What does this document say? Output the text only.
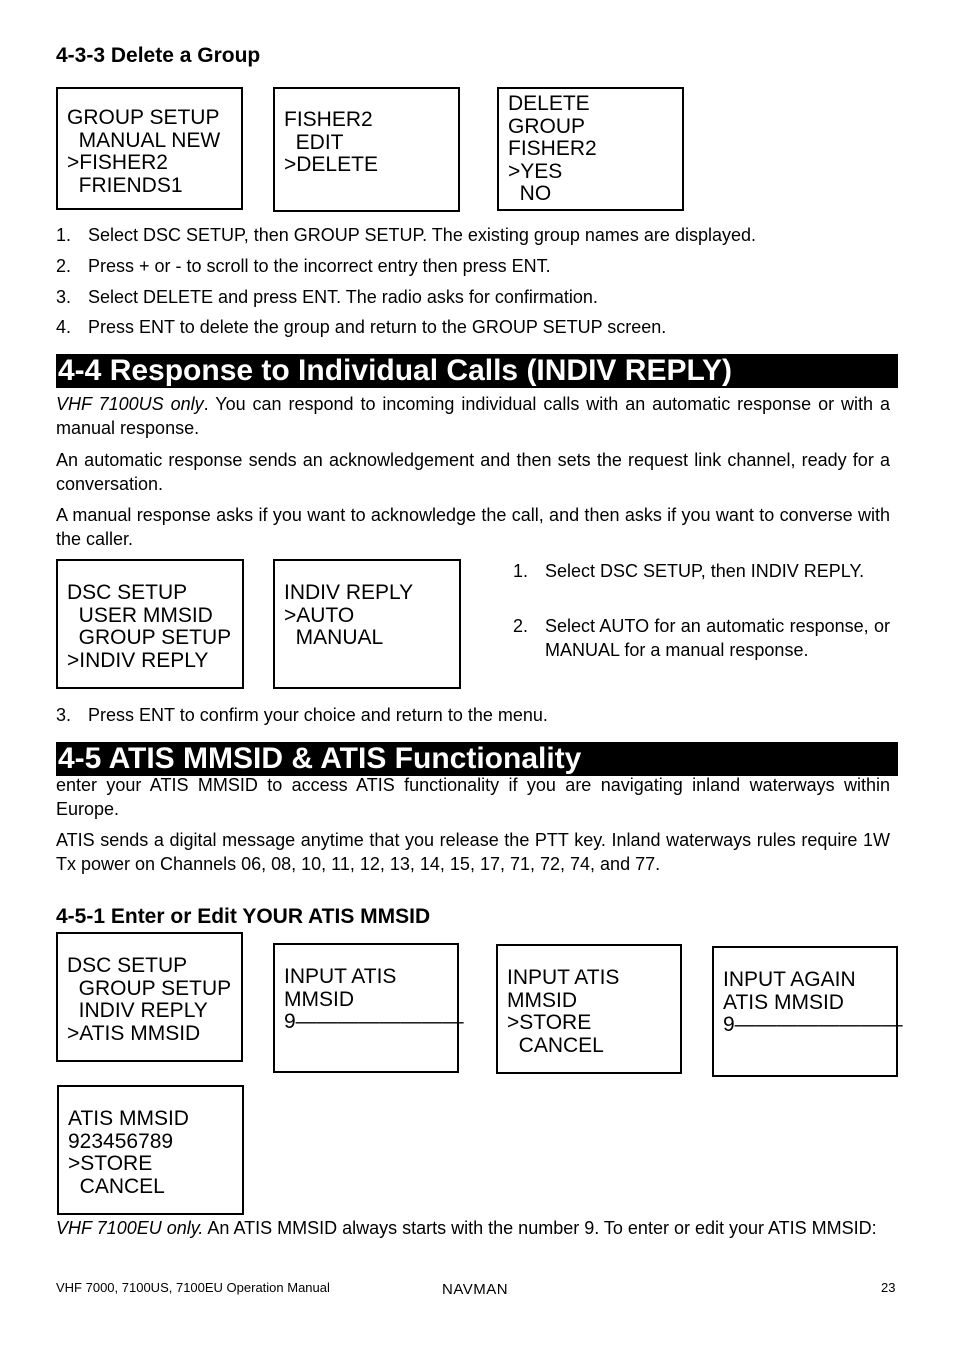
4-3-3 Delete a Group
GROUP SETUP
MANUAL NEW
>FISHER2
FRIENDS1
FISHER2
EDIT
>DELETE
DELETE
GROUP
FISHER2
>YES
NO
1. Select DSC SETUP, then GROUP SETUP. The existing group names are displayed.
2. Press + or - to scroll to the incorrect entry then press ENT.
3. Select DELETE and press ENT. The radio asks for confirmation.
4. Press ENT to delete the group and return to the GROUP SETUP screen.
4-4 Response to Individual Calls (INDIV REPLY)
VHF 7100US only. You can respond to incoming individual calls with an automatic response or with a manual response.
An automatic response sends an acknowledgement and then sets the request link channel, ready for a conversation.
A manual response asks if you want to acknowledge the call, and then asks if you want to converse with the caller.
DSC SETUP
USER MMSID
GROUP SETUP
>INDIV REPLY
INDIV REPLY
>AUTO
MANUAL
1. Select DSC SETUP, then INDIV REPLY.
2. Select AUTO for an automatic response, or MANUAL for a manual response.
3. Press ENT to confirm your choice and return to the menu.
4-5 ATIS MMSID & ATIS Functionality
enter your ATIS MMSID to access ATIS functionality if you are navigating inland waterways within Europe.
ATIS sends a digital message anytime that you release the PTT key. Inland waterways rules require 1W Tx power on Channels 06, 08, 10, 11, 12, 13, 14, 15, 17, 71, 72, 74, and 77.
4-5-1 Enter or Edit YOUR ATIS MMSID
DSC SETUP
GROUP SETUP
INDIV REPLY
>ATIS MMSID
INPUT ATIS
MMSID
9————————
INPUT ATIS
MMSID
>STORE
CANCEL
INPUT AGAIN
ATIS MMSID
9————————
ATIS MMSID
923456789
>STORE
CANCEL
VHF 7100EU only. An ATIS MMSID always starts with the number 9. To enter or edit your ATIS MMSID:
VHF 7000, 7100US, 7100EU Operation Manual	NAVMAN	23
